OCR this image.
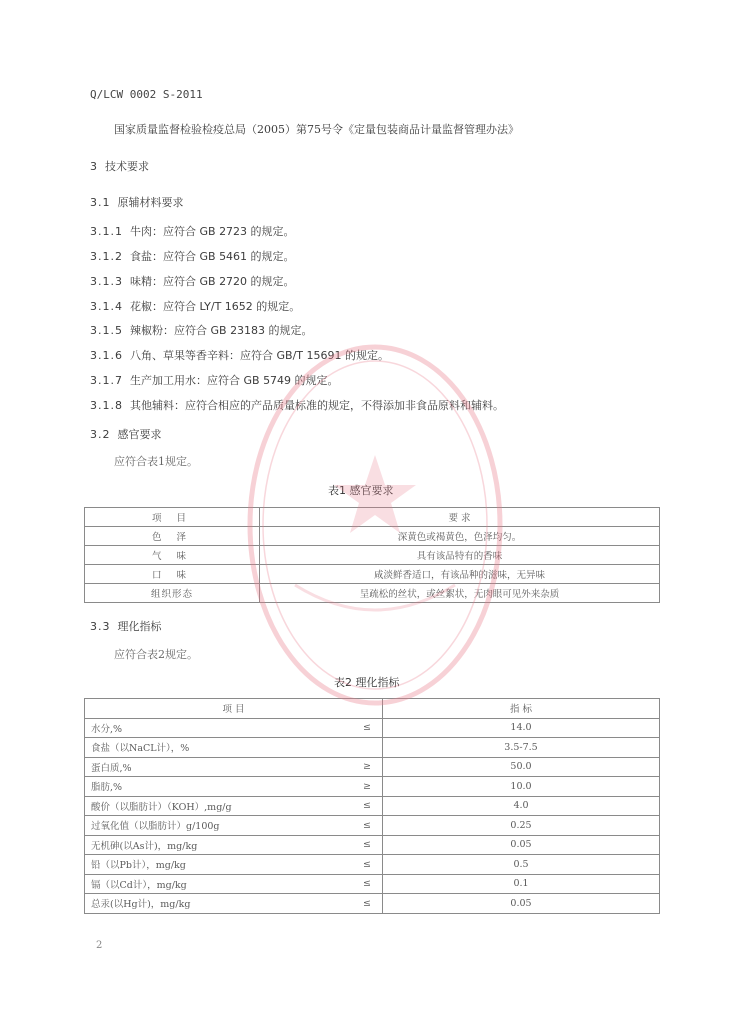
Q/LCW 0002 S-2011
国家质量监督检验检疫总局（2005）第75号令《定量包装商品计量监督管理办法》
3 技术要求
3.1 原辅材料要求
3.1.1 牛肉：应符合 GB 2723 的规定。
3.1.2 食盐：应符合 GB 5461 的规定。
3.1.3 味精：应符合 GB 2720 的规定。
3.1.4 花椒：应符合 LY/T 1652 的规定。
3.1.5 辣椒粉：应符合 GB 23183 的规定。
3.1.6 八角、草果等香辛料：应符合 GB/T 15691 的规定。
3.1.7 生产加工用水：应符合 GB 5749 的规定。
3.1.8 其他辅料：应符合相应的产品质量标准的规定，不得添加非食品原料和辅料。
3.2 感官要求
应符合表1规定。
表1 感官要求
项 目	要 求
色 泽	深黄色或褐黄色，色泽均匀。
气 味	具有该品特有的香味
口 味	咸淡鲜香适口，有该品种的滋味，无异味
组织形态	呈疏松的丝状，或丝絮状，无肉眼可见外来杂质
3.3 理化指标
应符合表2规定。
表2 理化指标
项 目		指 标
水分,%	≤	14.0
食盐（以NaCL计），%		3.5-7.5
蛋白质,%	≥	50.0
脂肪,%	≥	10.0
酸价（以脂肪计）（KOH）,mg/g	≤	4.0
过氧化值（以脂肪计）g/100g	≤	0.25
无机砷(以As计)，mg/kg	≤	0.05
铅（以Pb计），mg/kg	≤	0.5
镉（以Cd计），mg/kg	≤	0.1
总汞(以Hg计)，mg/kg	≤	0.05
2
